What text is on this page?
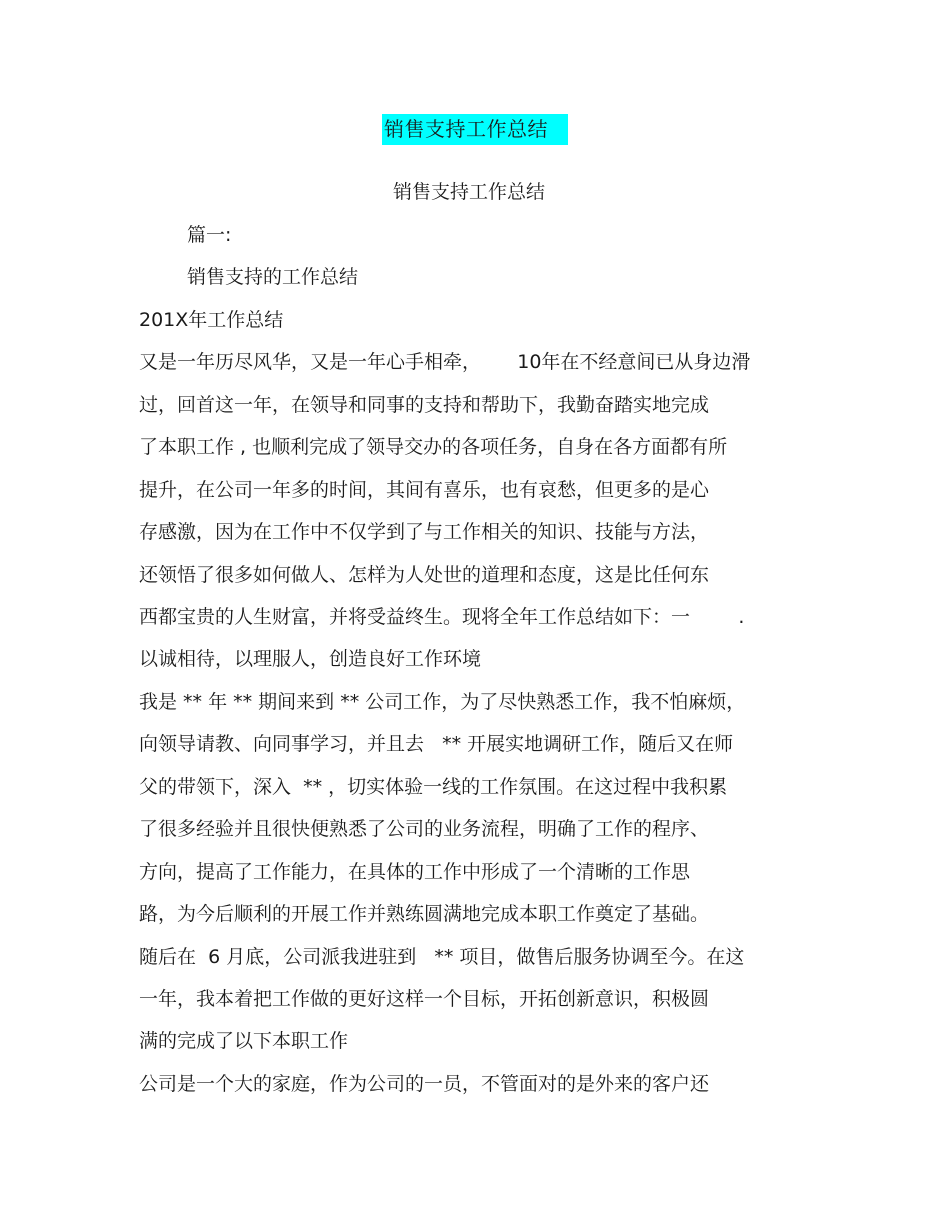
销售支持工作总结
销售支持工作总结
篇一:
销售支持的工作总结
201X年工作总结
又是一年历尽风华，又是一年心手相牵，      10年在不经意间已从身边滑
过，回首这一年，在领导和同事的支持和帮助下，我勤奋踏实地完成
了本职工作 , 也顺利完成了领导交办的各项任务，自身在各方面都有所
提升，在公司一年多的时间，其间有喜乐，也有哀愁，但更多的是心
存感激，因为在工作中不仅学到了与工作相关的知识、技能与方法，
还领悟了很多如何做人、怎样为人处世的道理和态度，这是比任何东
西都宝贵的人生财富，并将受益终生。现将全年工作总结如下：一        .
以诚相待，以理服人，创造良好工作环境
我是 ** 年 ** 期间来到 ** 公司工作，为了尽快熟悉工作，我不怕麻烦，
向领导请教、向同事学习，并且去   ** 开展实地调研工作，随后又在师
父的带领下，深入  ** ，切实体验一线的工作氛围。在这过程中我积累
了很多经验并且很快便熟悉了公司的业务流程，明确了工作的程序、
方向，提高了工作能力，在具体的工作中形成了一个清晰的工作思
路，为今后顺利的开展工作并熟练圆满地完成本职工作奠定了基础。
随后在  6 月底，公司派我进驻到   ** 项目，做售后服务协调至今。在这
一年，我本着把工作做的更好这样一个目标，开拓创新意识，积极圆
满的完成了以下本职工作
公司是一个大的家庭，作为公司的一员，不管面对的是外来的客户还
